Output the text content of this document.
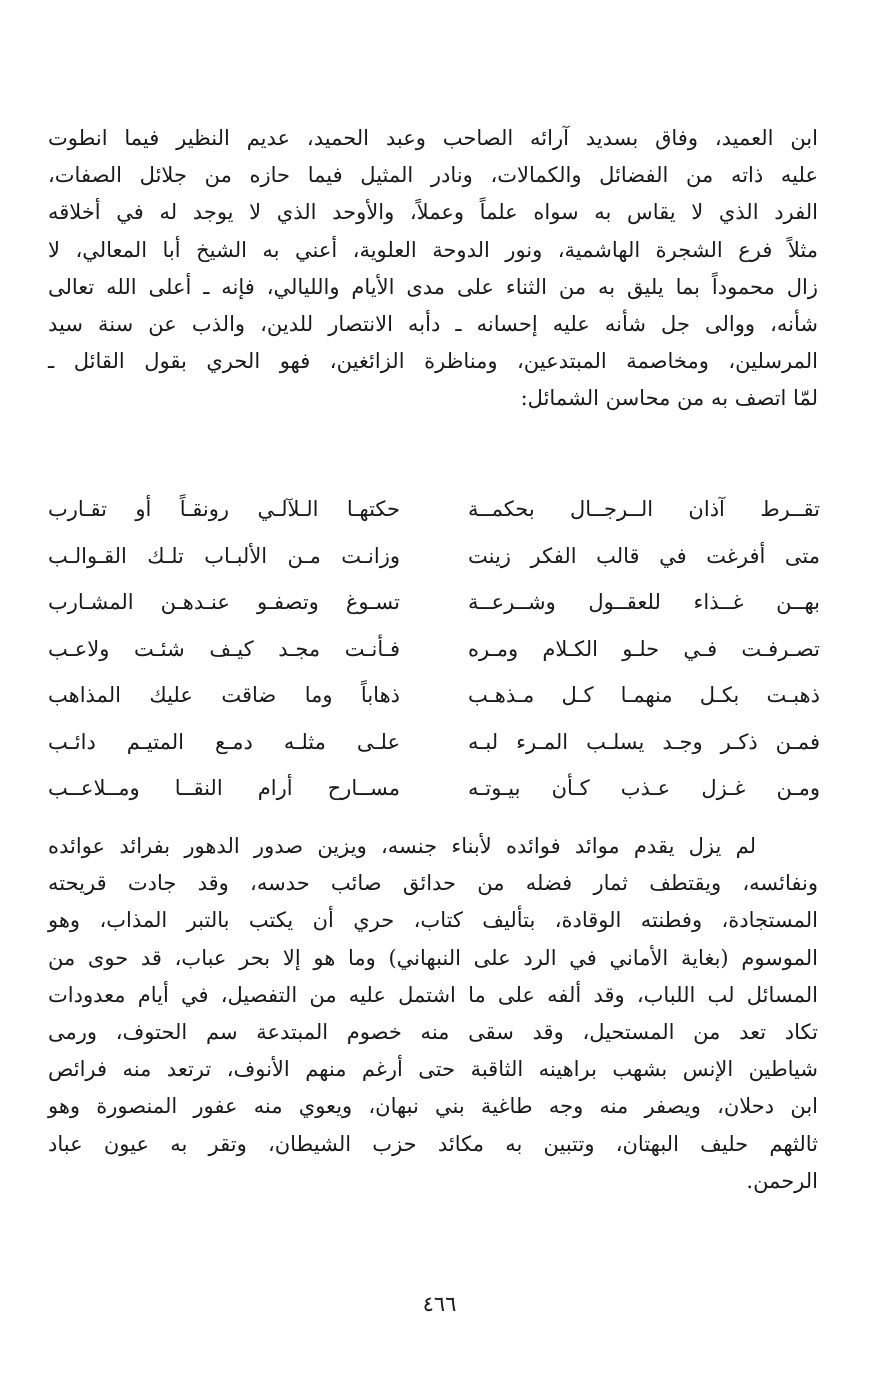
ابن العميد، وفاق بسديد آرائه الصاحب وعبد الحميد، عديم النظير فيما انطوت
عليه ذاته من الفضائل والكمالات، ونادر المثيل فيما حازه من جلائل الصفات،
الفرد الذي لا يقاس به سواه علماً وعملاً، والأوحد الذي لا يوجد له في أخلاقه
مثلاً فرع الشجرة الهاشمية، ونور الدوحة العلوية، أعني به الشيخ أبا المعالي، لا
زال محموداً بما يليق به من الثناء على مدى الأيام والليالي، فإنه ـ أعلى الله تعالى
شأنه، ووالى جل شأنه عليه إحسانه ـ دأبه الانتصار للدين، والذب عن سنة سيد
المرسلين، ومخاصمة المبتدعين، ومناظرة الزائغين، فهو الحري بقول القائل ـ
لمّا اتصف به من محاسن الشمائل:

تقــرط آذان الــرجــال بحكمــة
حكتهـا الـلآلـي رونقـاً أو تقـارب
متى أفرغت في قالب الفكر زينت
وزانـت مـن الألبـاب تلـك القـوالـب
بهــن غــذاء للعقــول وشــرعــة
تسـوغ وتصفـو عنـدهـن المشـارب
تصـرفـت فـي حلـو الكـلام ومـره
فـأنـت مجـد كيـف شئـت ولاعـب
ذهبـت بكـل منهمـا كـل مـذهـب
ذهاباً وما ضاقت عليك المذاهب
فمـن ذكـر وجـد يسلـب المـرء لبـه
علـى مثلـه دمـع المتيـم دائـب
ومـن غـزل عـذب كـأن بيـوتـه
مســارح أرام النقــا ومــلاعــب

لم يزل يقدم موائد فوائده لأبناء جنسه، ويزين صدور الدهور بفرائد عوائده
ونفائسه، ويقتطف ثمار فضله من حدائق صائب حدسه، وقد جادت قريحته
المستجادة، وفطنته الوقادة، بتأليف كتاب، حري أن يكتب بالتبر المذاب، وهو
الموسوم (بغاية الأماني في الرد على النبهاني) وما هو إلا بحر عباب، قد حوى من
المسائل لب اللباب، وقد ألفه على ما اشتمل عليه من التفصيل، في أيام معدودات
تكاد تعد من المستحيل، وقد سقى منه خصوم المبتدعة سم الحتوف، ورمى
شياطين الإنس بشهب براهينه الثاقبة حتى أرغم منهم الأنوف، ترتعد منه فرائص
ابن دحلان، ويصفر منه وجه طاغية بني نبهان، ويعوي منه عفور المنصورة وهو
ثالثهم حليف البهتان، وتتبين به مكائد حزب الشيطان، وتقر به عيون عباد
الرحمن.

٤٦٦
